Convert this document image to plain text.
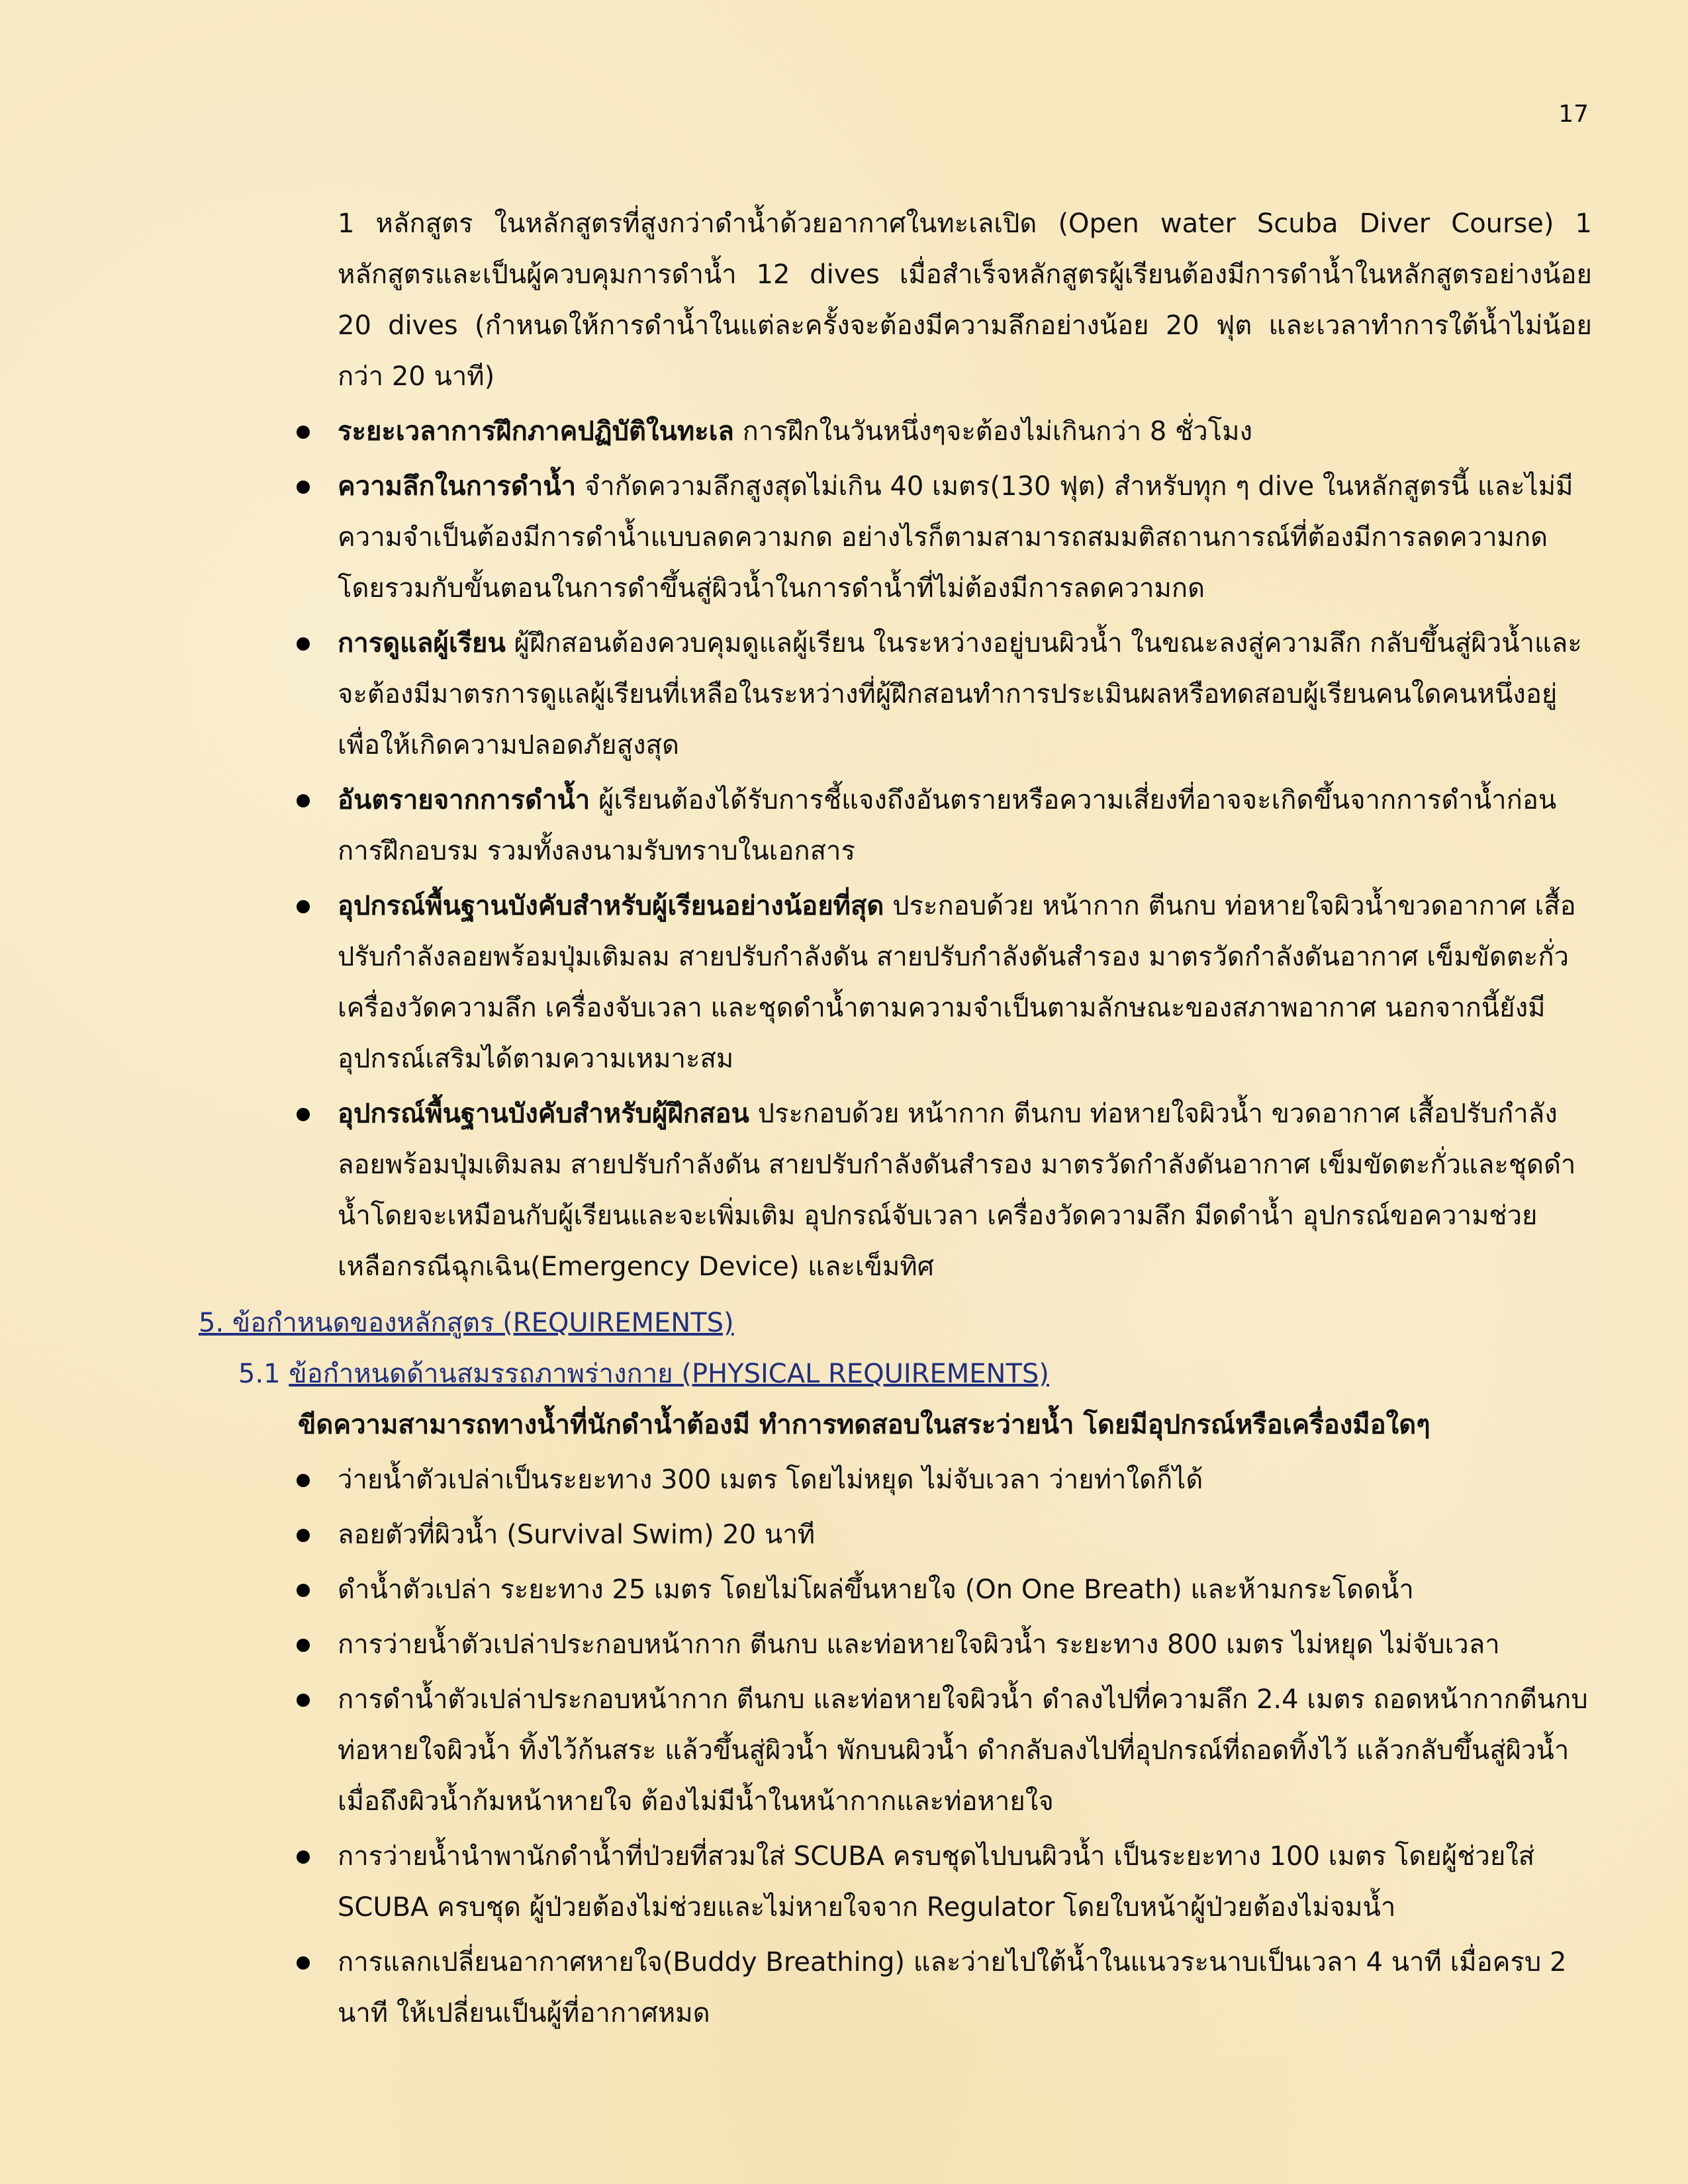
17
1 หลักสูตร ในหลักสูตรที่สูงกว่าดำน้ำด้วยอากาศในทะเลเปิด (Open water Scuba Diver Course) 1 หลักสูตรและเป็นผู้ควบคุมการดำน้ำ 12 dives เมื่อสำเร็จหลักสูตรผู้เรียนต้องมีการดำน้ำในหลักสูตรอย่างน้อย 20 dives (กำหนดให้การดำน้ำในแต่ละครั้งจะต้องมีความลึกอย่างน้อย 20 ฟุต และเวลาทำการใต้น้ำไม่น้อยกว่า 20 นาที)
ระยะเวลาการฝึกภาคปฏิบัติในทะเล การฝึกในวันหนึ่งๆจะต้องไม่เกินกว่า 8 ชั่วโมง
ความลึกในการดำน้ำ จำกัดความลึกสูงสุดไม่เกิน 40 เมตร(130 ฟุต) สำหรับทุก ๆ dive ในหลักสูตรนี้ และไม่มีความจำเป็นต้องมีการดำน้ำแบบลดความกด อย่างไรก็ตามสามารถสมมติสถานการณ์ที่ต้องมีการลดความกดโดยรวมกับขั้นตอนในการดำขึ้นสู่ผิวน้ำในการดำน้ำที่ไม่ต้องมีการลดความกด
การดูแลผู้เรียน ผู้ฝึกสอนต้องควบคุมดูแลผู้เรียน ในระหว่างอยู่บนผิวน้ำ ในขณะลงสู่ความลึก กลับขึ้นสู่ผิวน้ำและจะต้องมีมาตรการดูแลผู้เรียนที่เหลือในระหว่างที่ผู้ฝึกสอนทำการประเมินผลหรือทดสอบผู้เรียนคนใดคนหนึ่งอยู่เพื่อให้เกิดความปลอดภัยสูงสุด
อันตรายจากการดำน้ำ ผู้เรียนต้องได้รับการชี้แจงถึงอันตรายหรือความเสี่ยงที่อาจจะเกิดขึ้นจากการดำน้ำก่อนการฝึกอบรม รวมทั้งลงนามรับทราบในเอกสาร
อุปกรณ์พื้นฐานบังคับสำหรับผู้เรียนอย่างน้อยที่สุด ประกอบด้วย หน้ากาก ตีนกบ ท่อหายใจผิวน้ำขวดอากาศ เสื้อปรับกำลังลอยพร้อมปุ่มเติมลม สายปรับกำลังดัน สายปรับกำลังดันสำรอง มาตรวัดกำลังดันอากาศ เข็มขัดตะกั่ว เครื่องวัดความลึก เครื่องจับเวลา และชุดดำน้ำตามความจำเป็นตามลักษณะของสภาพอากาศ นอกจากนี้ยังมีอุปกรณ์เสริมได้ตามความเหมาะสม
อุปกรณ์พื้นฐานบังคับสำหรับผู้ฝึกสอน ประกอบด้วย หน้ากาก ตีนกบ ท่อหายใจผิวน้ำ ขวดอากาศ เสื้อปรับกำลังลอยพร้อมปุ่มเติมลม สายปรับกำลังดัน สายปรับกำลังดันสำรอง มาตรวัดกำลังดันอากาศ เข็มขัดตะกั่วและชุดดำน้ำโดยจะเหมือนกับผู้เรียนและจะเพิ่มเติม อุปกรณ์จับเวลา เครื่องวัดความลึก มีดดำน้ำ อุปกรณ์ขอความช่วยเหลือกรณีฉุกเฉิน(Emergency Device) และเข็มทิศ
5. ข้อกำหนดของหลักสูตร (REQUIREMENTS)
5.1 ข้อกำหนดด้านสมรรถภาพร่างกาย (PHYSICAL REQUIREMENTS)
ขีดความสามารถทางน้ำที่นักดำน้ำต้องมี ทำการทดสอบในสระว่ายน้ำ โดยมีอุปกรณ์หรือเครื่องมือใดๆ
ว่ายน้ำตัวเปล่าเป็นระยะทาง 300 เมตร โดยไม่หยุด ไม่จับเวลา ว่ายท่าใดก็ได้
ลอยตัวที่ผิวน้ำ (Survival Swim) 20 นาที
ดำน้ำตัวเปล่า ระยะทาง 25 เมตร โดยไม่โผล่ขึ้นหายใจ (On One Breath) และห้ามกระโดดน้ำ
การว่ายน้ำตัวเปล่าประกอบหน้ากาก ตีนกบ และท่อหายใจผิวน้ำ ระยะทาง 800 เมตร ไม่หยุด ไม่จับเวลา
การดำน้ำตัวเปล่าประกอบหน้ากาก ตีนกบ และท่อหายใจผิวน้ำ ดำลงไปที่ความลึก 2.4 เมตร ถอดหน้ากากตีนกบ ท่อหายใจผิวน้ำ ทิ้งไว้ก้นสระ แล้วขึ้นสู่ผิวน้ำ พักบนผิวน้ำ ดำกลับลงไปที่อุปกรณ์ที่ถอดทิ้งไว้ แล้วกลับขึ้นสู่ผิวน้ำ เมื่อถึงผิวน้ำก้มหน้าหายใจ ต้องไม่มีน้ำในหน้ากากและท่อหายใจ
การว่ายน้ำนำพานักดำน้ำที่ป่วยที่สวมใส่ SCUBA ครบชุดไปบนผิวน้ำ เป็นระยะทาง 100 เมตร โดยผู้ช่วยใส่ SCUBA ครบชุด ผู้ป่วยต้องไม่ช่วยและไม่หายใจจาก Regulator โดยใบหน้าผู้ป่วยต้องไม่จมน้ำ
การแลกเปลี่ยนอากาศหายใจ(Buddy Breathing) และว่ายไปใต้น้ำในแนวระนาบเป็นเวลา 4 นาที เมื่อครบ 2 นาที ให้เปลี่ยนเป็นผู้ที่อากาศหมด
